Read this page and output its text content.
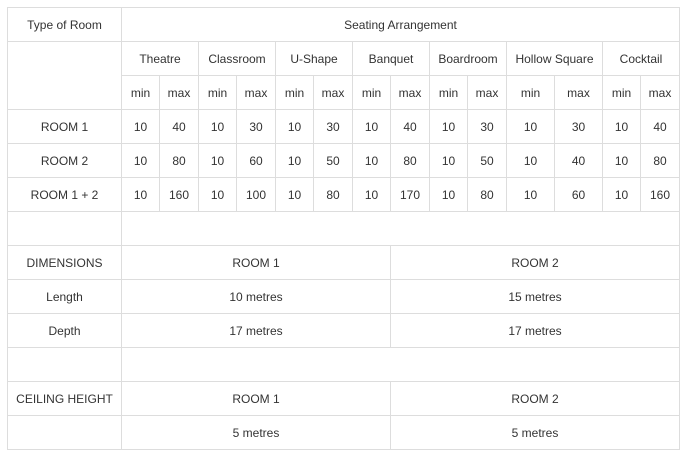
Type of Room	Seating Arrangement													
	Theatre		Classroom		U-Shape		Banquet		Boardroom		Hollow Square		Cocktail	
	min	max	min	max	min	max	min	max	min	max	min	max	min	max
ROOM 1	10	40	10	30	10	30	10	40	10	30	10	30	10	40
ROOM 2	10	80	10	60	10	50	10	80	10	50	10	40	10	80
ROOM 1 + 2	10	160	10	100	10	80	10	170	10	80	10	60	10	160

DIMENSIONS	ROOM 1							ROOM 2						
Length	10 metres							15 metres						
Depth	17 metres							17 metres						

CEILING HEIGHT	ROOM 1							ROOM 2						
	5 metres							5 metres						
